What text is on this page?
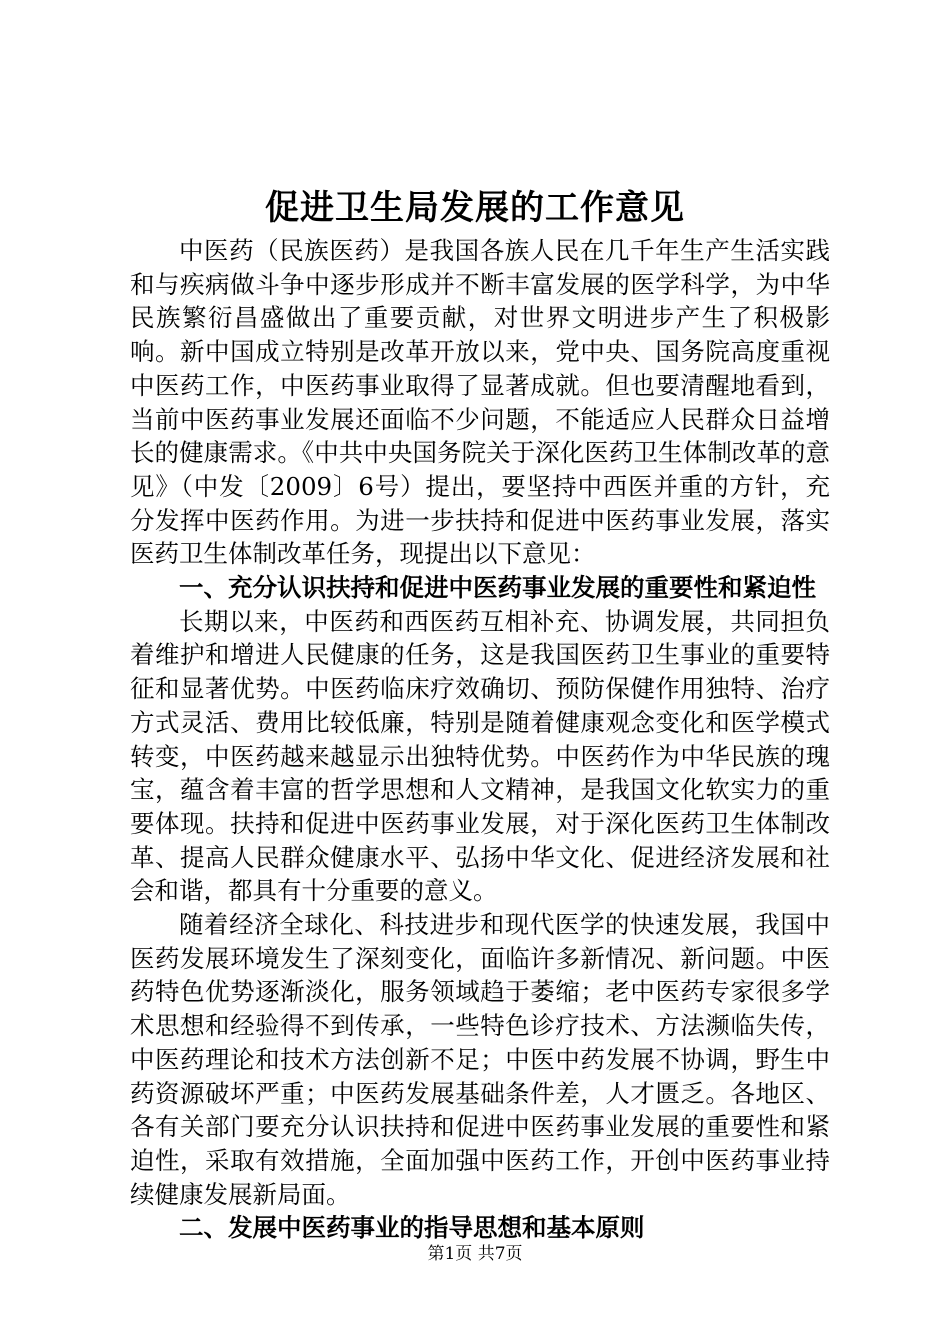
促进卫生局发展的工作意见

中医药（民族医药）是我国各族人民在几千年生产生活实践和与疾病做斗争中逐步形成并不断丰富发展的医学科学，为中华民族繁衍昌盛做出了重要贡献，对世界文明进步产生了积极影响。新中国成立特别是改革开放以来，党中央、国务院高度重视中医药工作，中医药事业取得了显著成就。但也要清醒地看到，当前中医药事业发展还面临不少问题，不能适应人民群众日益增长的健康需求。《中共中央国务院关于深化医药卫生体制改革的意见》（中发〔2009〕6号）提出，要坚持中西医并重的方针，充分发挥中医药作用。为进一步扶持和促进中医药事业发展，落实医药卫生体制改革任务，现提出以下意见：

一、充分认识扶持和促进中医药事业发展的重要性和紧迫性

长期以来，中医药和西医药互相补充、协调发展，共同担负着维护和增进人民健康的任务，这是我国医药卫生事业的重要特征和显著优势。中医药临床疗效确切、预防保健作用独特、治疗方式灵活、费用比较低廉，特别是随着健康观念变化和医学模式转变，中医药越来越显示出独特优势。中医药作为中华民族的瑰宝，蕴含着丰富的哲学思想和人文精神，是我国文化软实力的重要体现。扶持和促进中医药事业发展，对于深化医药卫生体制改革、提高人民群众健康水平、弘扬中华文化、促进经济发展和社会和谐，都具有十分重要的意义。

随着经济全球化、科技进步和现代医学的快速发展，我国中医药发展环境发生了深刻变化，面临许多新情况、新问题。中医药特色优势逐渐淡化，服务领域趋于萎缩；老中医药专家很多学术思想和经验得不到传承，一些特色诊疗技术、方法濒临失传，中医药理论和技术方法创新不足；中医中药发展不协调，野生中药资源破坏严重；中医药发展基础条件差，人才匮乏。各地区、各有关部门要充分认识扶持和促进中医药事业发展的重要性和紧迫性，采取有效措施，全面加强中医药工作，开创中医药事业持续健康发展新局面。

二、发展中医药事业的指导思想和基本原则
第1页 共7页
